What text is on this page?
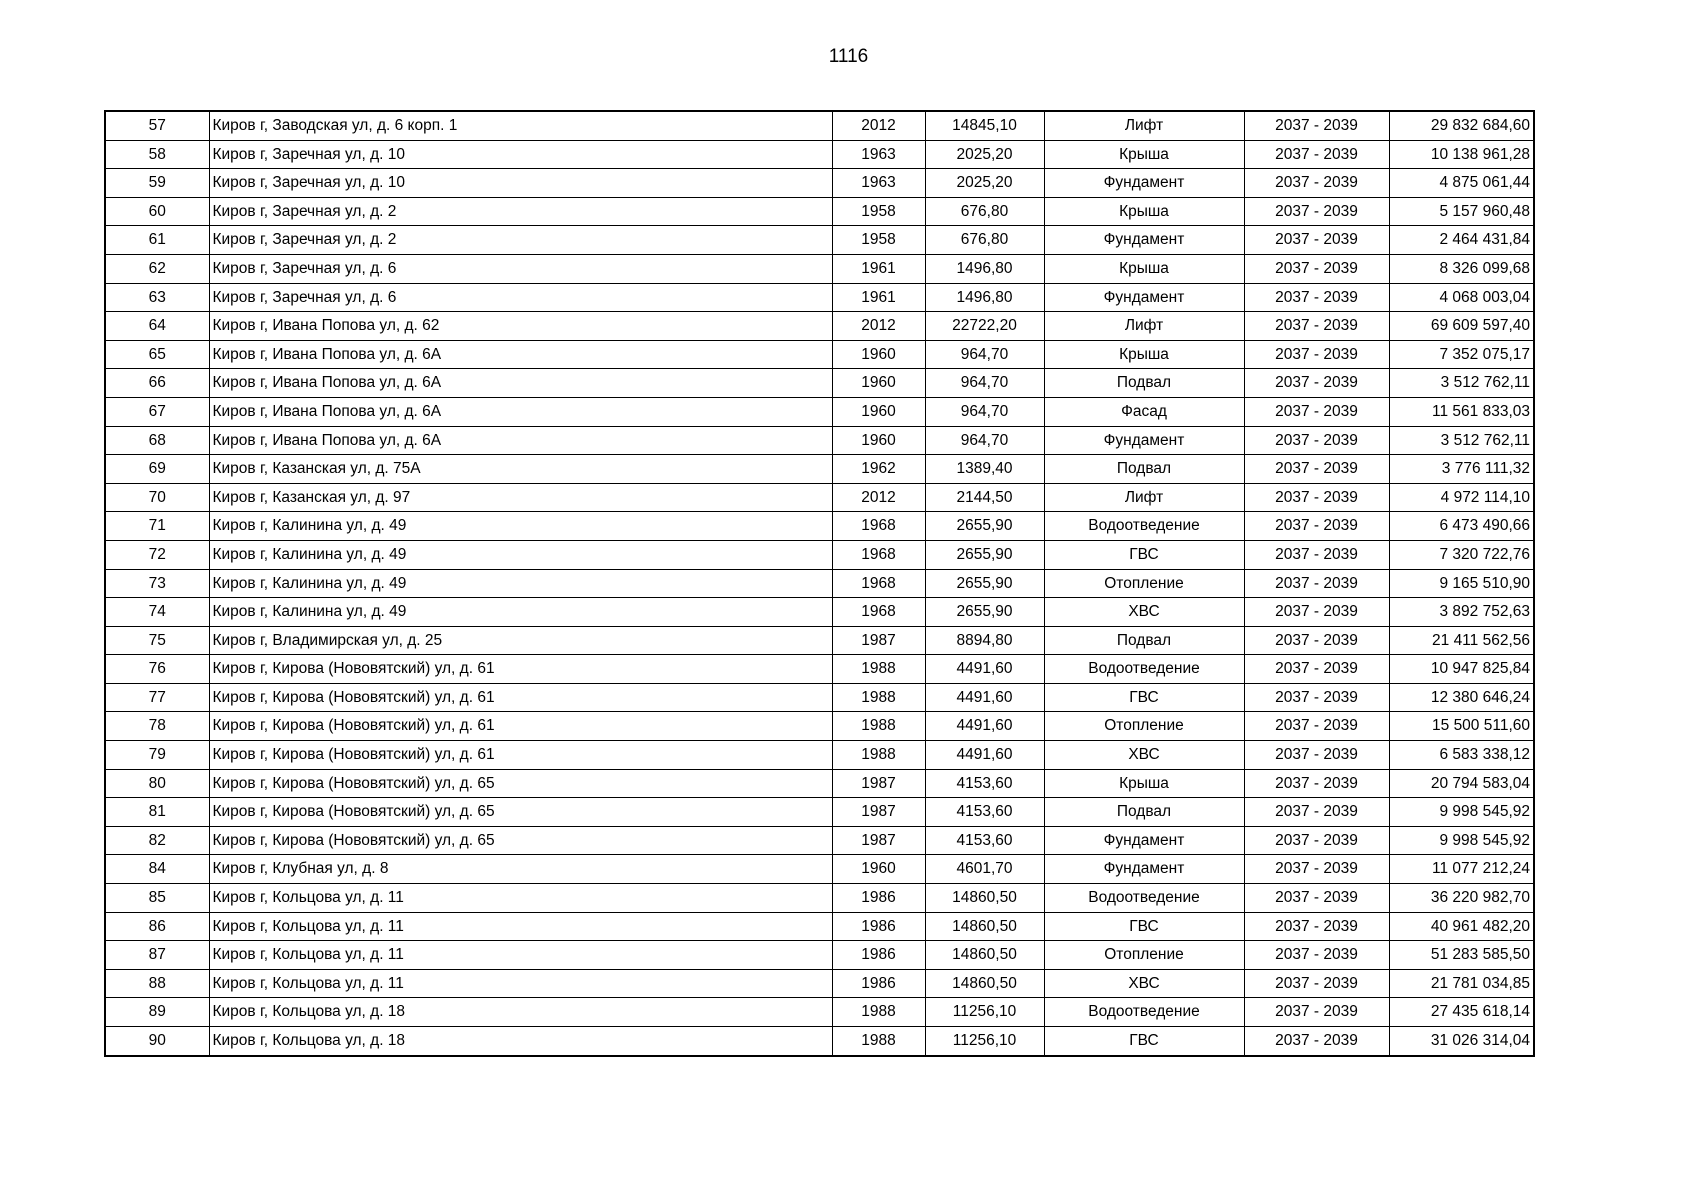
1116
57	Киров г, Заводская ул, д. 6 корп. 1	2012	14845,10	Лифт	2037 - 2039	29 832 684,60
58	Киров г, Заречная ул, д. 10	1963	2025,20	Крыша	2037 - 2039	10 138 961,28
59	Киров г, Заречная ул, д. 10	1963	2025,20	Фундамент	2037 - 2039	4 875 061,44
60	Киров г, Заречная ул, д. 2	1958	676,80	Крыша	2037 - 2039	5 157 960,48
61	Киров г, Заречная ул, д. 2	1958	676,80	Фундамент	2037 - 2039	2 464 431,84
62	Киров г, Заречная ул, д. 6	1961	1496,80	Крыша	2037 - 2039	8 326 099,68
63	Киров г, Заречная ул, д. 6	1961	1496,80	Фундамент	2037 - 2039	4 068 003,04
64	Киров г, Ивана Попова ул, д. 62	2012	22722,20	Лифт	2037 - 2039	69 609 597,40
65	Киров г, Ивана Попова ул, д. 6А	1960	964,70	Крыша	2037 - 2039	7 352 075,17
66	Киров г, Ивана Попова ул, д. 6А	1960	964,70	Подвал	2037 - 2039	3 512 762,11
67	Киров г, Ивана Попова ул, д. 6А	1960	964,70	Фасад	2037 - 2039	11 561 833,03
68	Киров г, Ивана Попова ул, д. 6А	1960	964,70	Фундамент	2037 - 2039	3 512 762,11
69	Киров г, Казанская ул, д. 75А	1962	1389,40	Подвал	2037 - 2039	3 776 111,32
70	Киров г, Казанская ул, д. 97	2012	2144,50	Лифт	2037 - 2039	4 972 114,10
71	Киров г, Калинина ул, д. 49	1968	2655,90	Водоотведение	2037 - 2039	6 473 490,66
72	Киров г, Калинина ул, д. 49	1968	2655,90	ГВС	2037 - 2039	7 320 722,76
73	Киров г, Калинина ул, д. 49	1968	2655,90	Отопление	2037 - 2039	9 165 510,90
74	Киров г, Калинина ул, д. 49	1968	2655,90	ХВС	2037 - 2039	3 892 752,63
75	Киров г, Владимирская ул, д. 25	1987	8894,80	Подвал	2037 - 2039	21 411 562,56
76	Киров г, Кирова (Нововятский) ул, д. 61	1988	4491,60	Водоотведение	2037 - 2039	10 947 825,84
77	Киров г, Кирова (Нововятский) ул, д. 61	1988	4491,60	ГВС	2037 - 2039	12 380 646,24
78	Киров г, Кирова (Нововятский) ул, д. 61	1988	4491,60	Отопление	2037 - 2039	15 500 511,60
79	Киров г, Кирова (Нововятский) ул, д. 61	1988	4491,60	ХВС	2037 - 2039	6 583 338,12
80	Киров г, Кирова (Нововятский) ул, д. 65	1987	4153,60	Крыша	2037 - 2039	20 794 583,04
81	Киров г, Кирова (Нововятский) ул, д. 65	1987	4153,60	Подвал	2037 - 2039	9 998 545,92
82	Киров г, Кирова (Нововятский) ул, д. 65	1987	4153,60	Фундамент	2037 - 2039	9 998 545,92
84	Киров г, Клубная ул, д. 8	1960	4601,70	Фундамент	2037 - 2039	11 077 212,24
85	Киров г, Кольцова ул, д. 11	1986	14860,50	Водоотведение	2037 - 2039	36 220 982,70
86	Киров г, Кольцова ул, д. 11	1986	14860,50	ГВС	2037 - 2039	40 961 482,20
87	Киров г, Кольцова ул, д. 11	1986	14860,50	Отопление	2037 - 2039	51 283 585,50
88	Киров г, Кольцова ул, д. 11	1986	14860,50	ХВС	2037 - 2039	21 781 034,85
89	Киров г, Кольцова ул, д. 18	1988	11256,10	Водоотведение	2037 - 2039	27 435 618,14
90	Киров г, Кольцова ул, д. 18	1988	11256,10	ГВС	2037 - 2039	31 026 314,04
